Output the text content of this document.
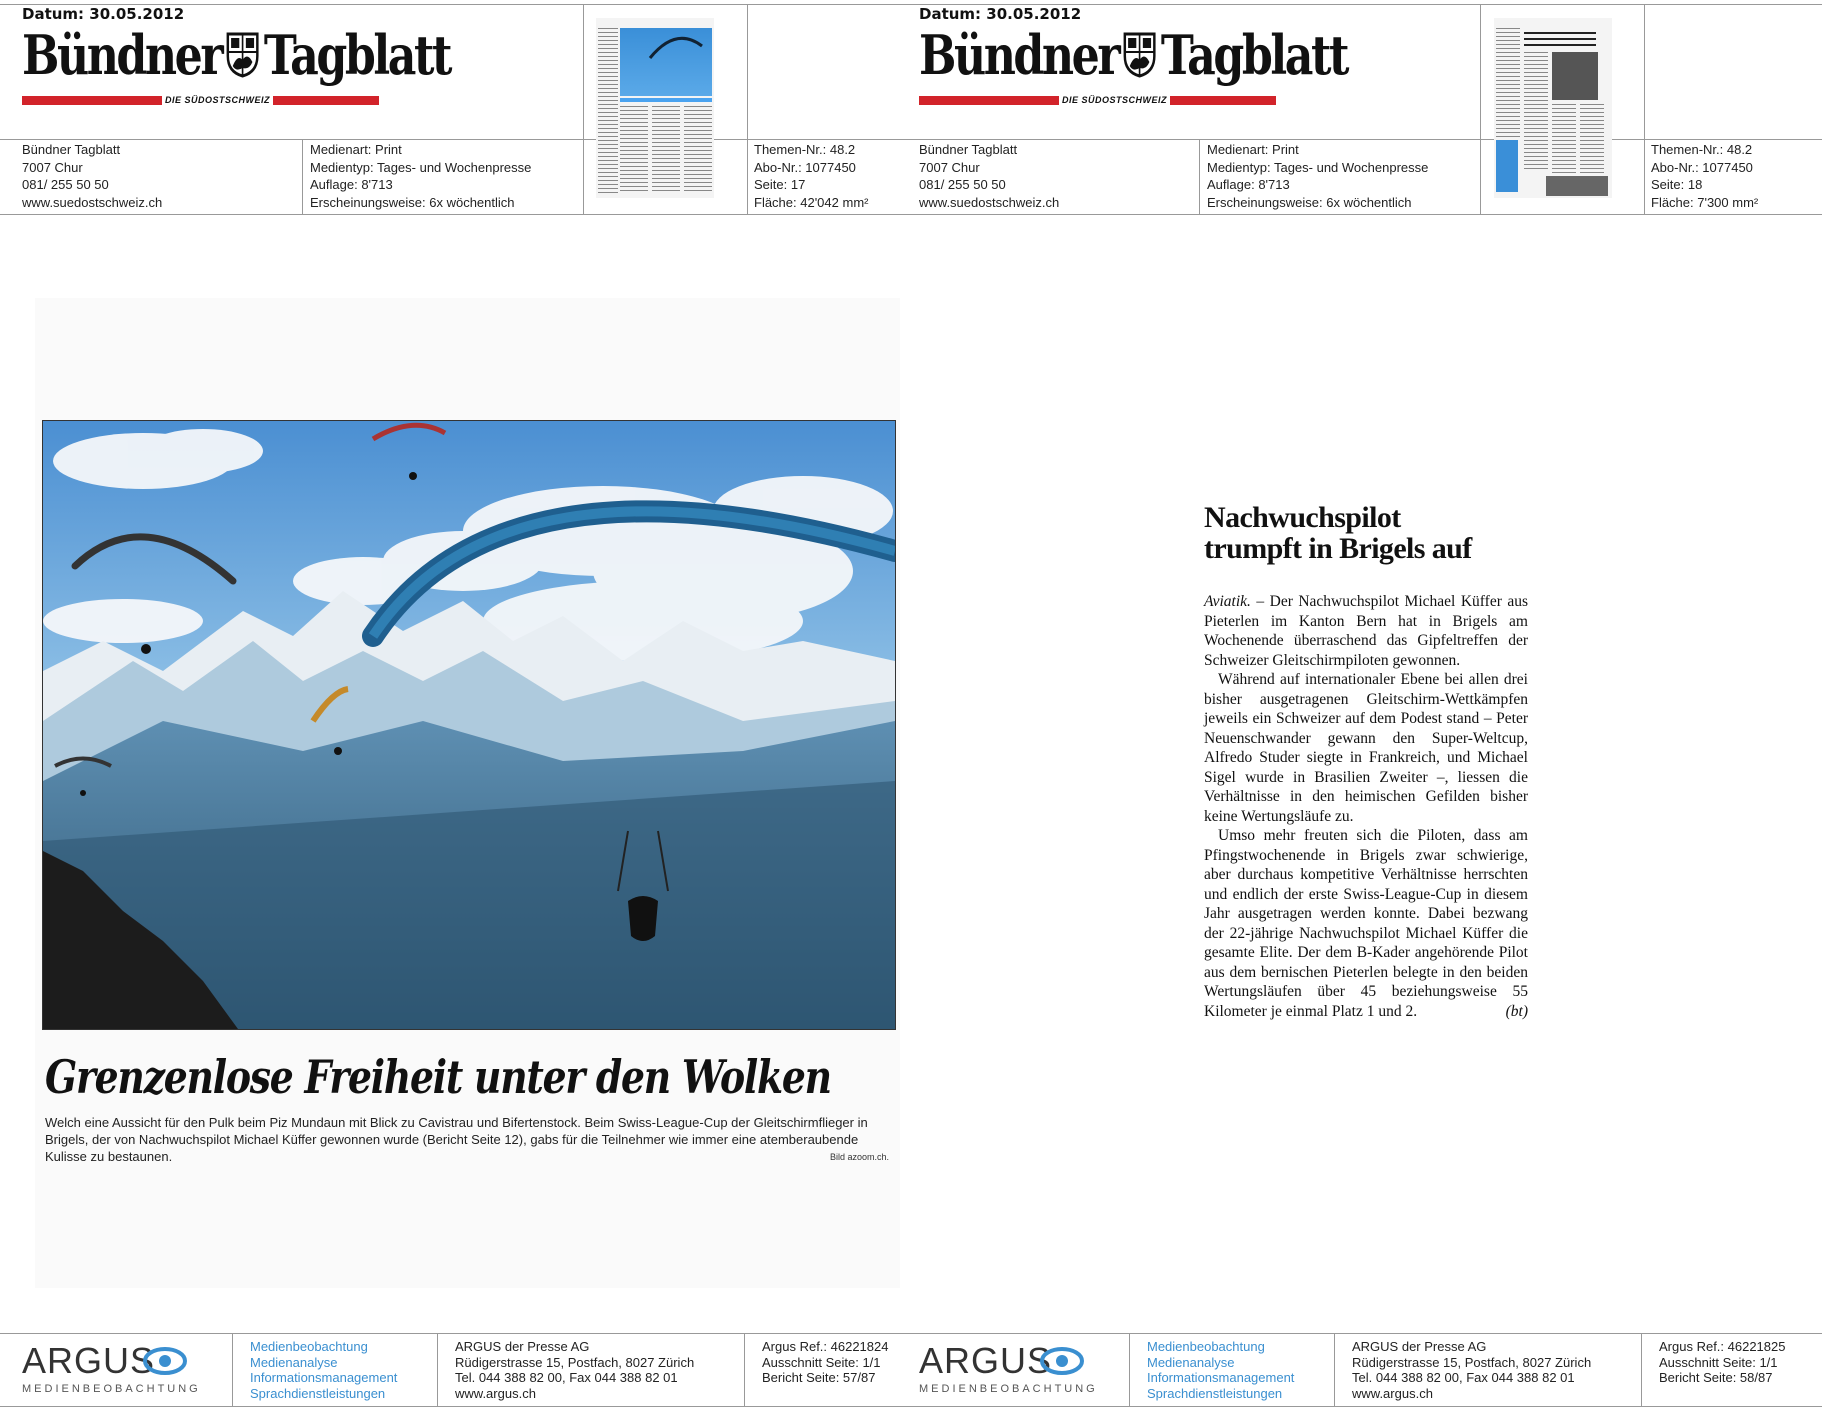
Datum: 30.05.2012
Bündner Tagblatt
DIE SÜDOSTSCHWEIZ
Bündner Tagblatt
7007 Chur
081/ 255 50 50
www.suedostschweiz.ch
Medienart: Print
Medientyp: Tages- und Wochenpresse
Auflage: 8'713
Erscheinungsweise: 6x wöchentlich
Themen-Nr.: 48.2
Abo-Nr.: 1077450
Seite: 17
Fläche: 42'042 mm²
Datum: 30.05.2012
Bündner Tagblatt
DIE SÜDOSTSCHWEIZ
Bündner Tagblatt
7007 Chur
081/ 255 50 50
www.suedostschweiz.ch
Medienart: Print
Medientyp: Tages- und Wochenpresse
Auflage: 8'713
Erscheinungsweise: 6x wöchentlich
Themen-Nr.: 48.2
Abo-Nr.: 1077450
Seite: 18
Fläche: 7'300 mm²
Grenzenlose Freiheit unter den Wolken
Welch eine Aussicht für den Pulk beim Piz Mundaun mit Blick zu Cavistrau und Bifertenstock. Beim Swiss-League-Cup der Gleitschirmflieger in Brigels, der von Nachwuchspilot Michael Küffer gewonnen wurde (Bericht Seite 12), gabs für die Teilnehmer wie immer eine atemberaubende Kulisse zu bestaunen.	Bild azoom.ch.
Nachwuchspilot
trumpft in Brigels auf

Aviatik. – Der Nachwuchspilot Michael Küffer aus Pieterlen im Kanton Bern hat in Brigels am Wochenende überraschend das Gipfeltreffen der Schweizer Gleitschirmpiloten gewonnen.

Während auf internationaler Ebene bei allen drei bisher ausgetragenen Gleitschirm-Wettkämpfen jeweils ein Schweizer auf dem Podest stand – Peter Neuenschwander gewann den Super-Weltcup, Alfredo Studer siegte in Frankreich, und Michael Sigel wurde in Brasilien Zweiter –, liessen die Verhältnisse in den heimischen Gefilden bisher keine Wertungsläufe zu.

Umso mehr freuten sich die Piloten, dass am Pfingstwochenende in Brigels zwar schwierige, aber durchaus kompetitive Verhältnisse herrschten und endlich der erste Swiss-League-Cup in diesem Jahr ausgetragen werden konnte. Dabei bezwang der 22-jährige Nachwuchspilot Michael Küffer die gesamte Elite. Der dem B-Kader angehörende Pilot aus dem bernischen Pieterlen belegte in den beiden Wertungsläufen über 45 beziehungsweise 55 Kilometer je einmal Platz 1 und 2.	(bt)

ARGUS
MEDIENBEOBACHTUNG
Medienbeobachtung
Medienanalyse
Informationsmanagement
Sprachdienstleistungen
ARGUS der Presse AG
Rüdigerstrasse 15, Postfach, 8027 Zürich
Tel. 044 388 82 00, Fax 044 388 82 01
www.argus.ch
Argus Ref.: 46221824
Ausschnitt Seite: 1/1
Bericht Seite: 57/87	ARGUS
MEDIENBEOBACHTUNG
Medienbeobachtung
Medienanalyse
Informationsmanagement
Sprachdienstleistungen
ARGUS der Presse AG
Rüdigerstrasse 15, Postfach, 8027 Zürich
Tel. 044 388 82 00, Fax 044 388 82 01
www.argus.ch
Argus Ref.: 46221825
Ausschnitt Seite: 1/1
Bericht Seite: 58/87
